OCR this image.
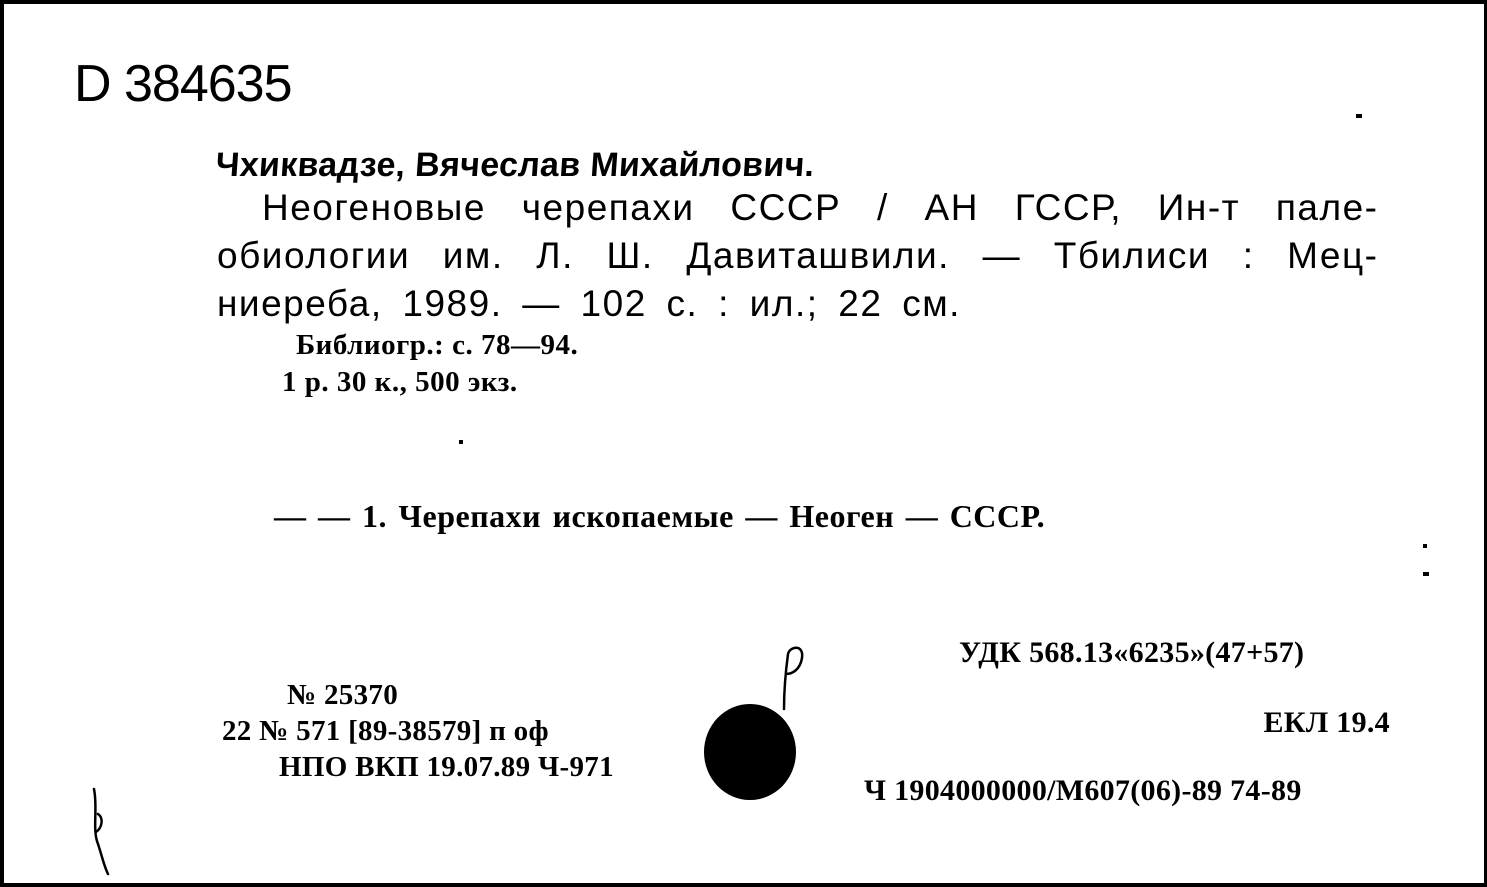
D 384635
Чхиквадзе, Вячеслав Михайлович.
Неогеновые черепахи СССР / АН ГССР, Ин-т палеобиологии им. Л. Ш. Давиташвили. — Тбилиси : Мецниереба, 1989. — 102 с. : ил.; 22 см.
Библиогр.: с. 78—94.
1 р. 30 к., 500 экз.
— — 1. Черепахи ископаемые — Неоген — СССР.
УДК 568.13«6235»(47+57)
ЕКЛ 19.4
Ч 1904000000/М607(06)-89 74-89
№ 25370
22 № 571 [89-38579] п оф
НПО ВКП 19.07.89 Ч-971
